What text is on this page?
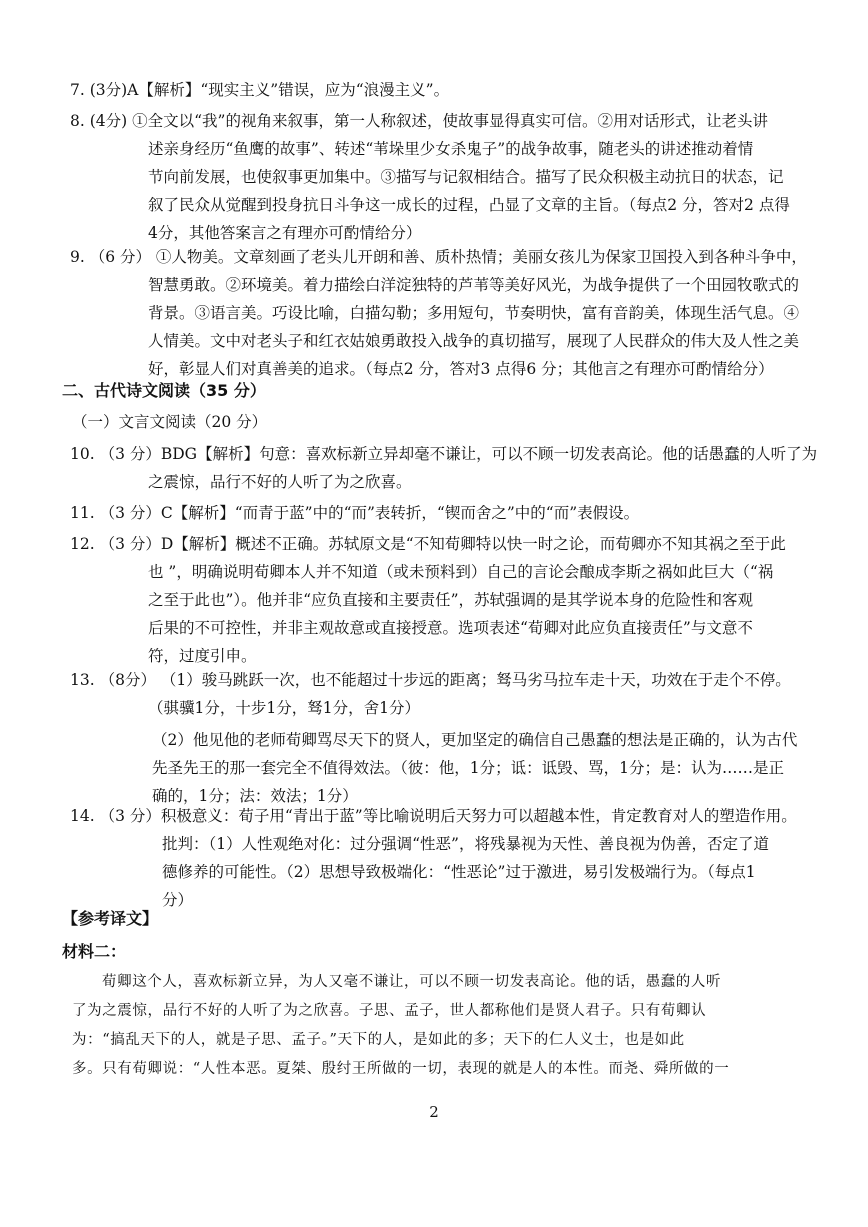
7. (3分)A【解析】“现实主义”错误，应为“浪漫主义”。
8. (4分) ①全文以“我”的视角来叙事，第一人称叙述，使故事显得真实可信。②用对话形式，让老头讲
述亲身经历“鱼鹰的故事”、转述“苇垛里少女杀鬼子”的战争故事，随老头的讲述推动着情
节向前发展，也使叙事更加集中。③描写与记叙相结合。描写了民众积极主动抗日的状态，记
叙了民众从觉醒到投身抗日斗争这一成长的过程，凸显了文章的主旨。（每点2 分，答对2 点得
4分，其他答案言之有理亦可酌情给分）
9. （6 分） ①人物美。文章刻画了老头儿开朗和善、质朴热情；美丽女孩儿为保家卫国投入到各种斗争中，
智慧勇敢。②环境美。着力描绘白洋淀独特的芦苇等美好风光，为战争提供了一个田园牧歌式的
背景。③语言美。巧设比喻，白描勾勒；多用短句，节奏明快，富有音韵美，体现生活气息。④
人情美。文中对老头子和红衣姑娘勇敢投入战争的真切描写，展现了人民群众的伟大及人性之美
好，彰显人们对真善美的追求。（每点2 分，答对3 点得6 分；其他言之有理亦可酌情给分）
二、古代诗文阅读（35 分）
（一）文言文阅读（20 分）
10. （3 分）BDG【解析】句意：喜欢标新立异却毫不谦让，可以不顾一切发表高论。他的话愚蠢的人听了为
之震惊，品行不好的人听了为之欣喜。
11. （3 分）C【解析】“而青于蓝”中的“而”表转折，“锲而舍之”中的“而”表假设。
12. （3 分）D【解析】概述不正确。苏轼原文是“不知荀卿特以快一时之论，而荀卿亦不知其祸之至于此
也 ”，明确说明荀卿本人并不知道（或未预料到）自己的言论会酿成李斯之祸如此巨大（“祸
之至于此也”）。他并非“应负直接和主要责任”，苏轼强调的是其学说本身的危险性和客观
后果的不可控性，并非主观故意或直接授意。选项表述“荀卿对此应负直接责任”与文意不
符，过度引申。
13. （8分） （1）骏马跳跃一次，也不能超过十步远的距离；驽马劣马拉车走十天，功效在于走个不停。
（骐骥1分，十步1分，驽1分，舍1分）
（2）他见他的老师荀卿骂尽天下的贤人，更加坚定的确信自己愚蠢的想法是正确的，认为古代
先圣先王的那一套完全不值得效法。（彼：他，1分；诋：诋毁、骂，1分；是：认为……是正
确的，1分；法：效法；1分）
14. （3 分）积极意义：荀子用“青出于蓝”等比喻说明后天努力可以超越本性，肯定教育对人的塑造作用。
批判：（1）人性观绝对化：过分强调“性恶”，将残暴视为天性、善良视为伪善，否定了道
德修养的可能性。（2）思想导致极端化：“性恶论”过于激进，易引发极端行为。（每点1
分）
【参考译文】
材料二：
荀卿这个人，喜欢标新立异，为人又毫不谦让，可以不顾一切发表高论。他的话，愚蠢的人听
了为之震惊，品行不好的人听了为之欣喜。子思、孟子，世人都称他们是贤人君子。只有荀卿认
为：“搞乱天下的人，就是子思、孟子。”天下的人，是如此的多；天下的仁人义士，也是如此
多。只有荀卿说：“人性本恶。夏桀、殷纣王所做的一切，表现的就是人的本性。而尧、舜所做的一
2
